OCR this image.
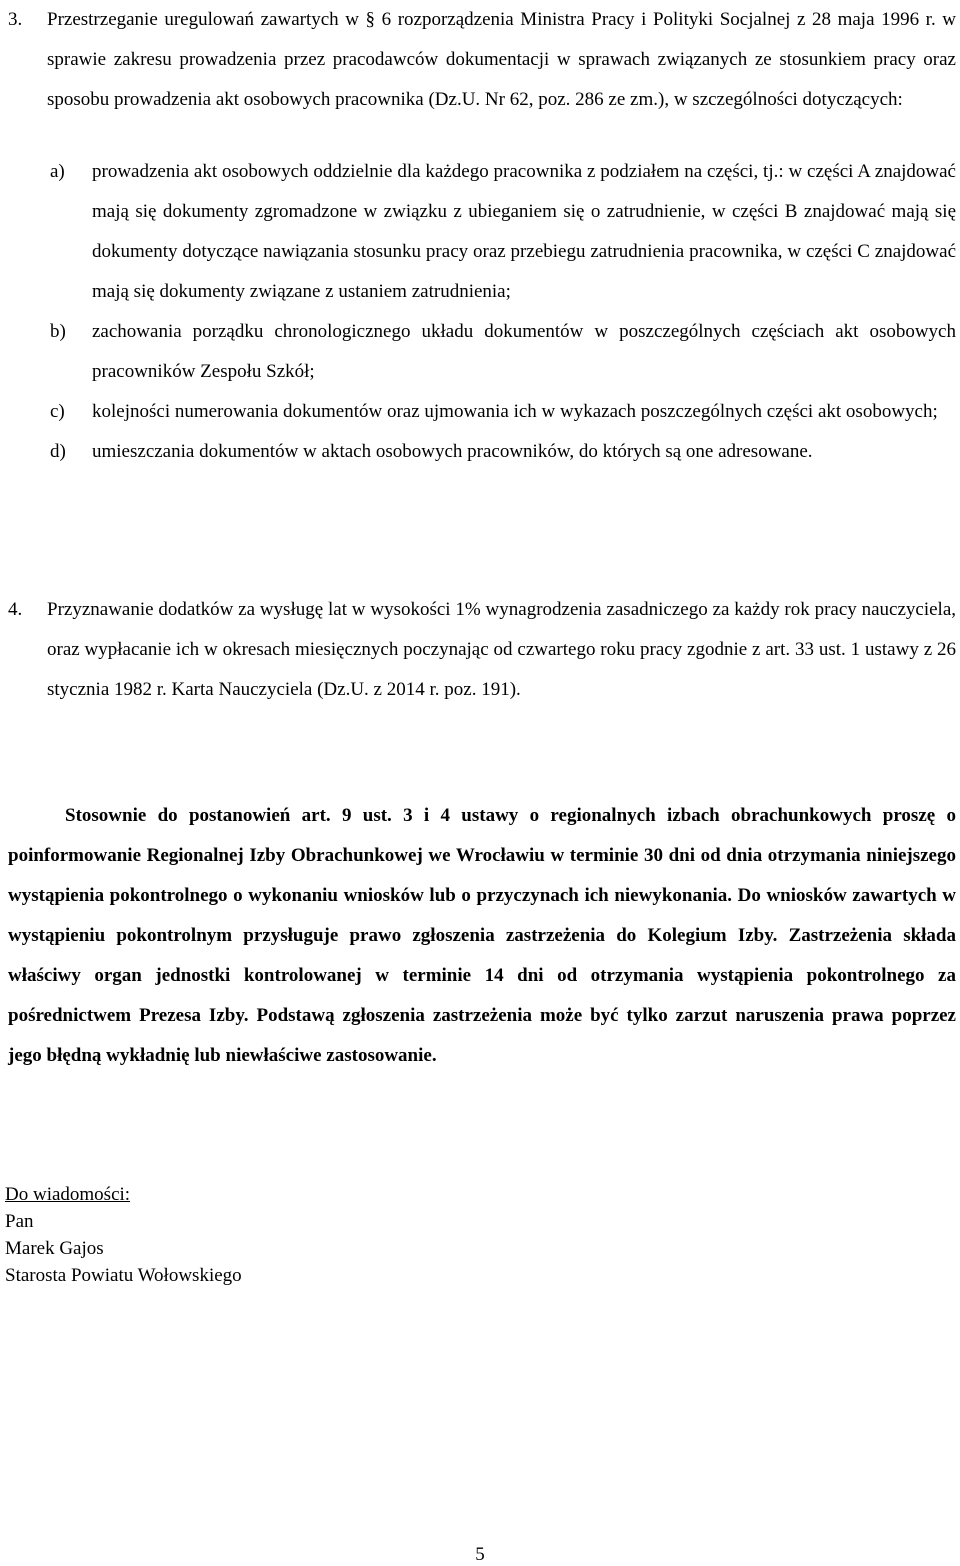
3. Przestrzeganie uregulowań zawartych w § 6 rozporządzenia Ministra Pracy i Polityki Socjalnej z 28 maja 1996 r. w sprawie zakresu prowadzenia przez pracodawców dokumentacji w sprawach związanych ze stosunkiem pracy oraz sposobu prowadzenia akt osobowych pracownika (Dz.U. Nr 62, poz. 286 ze zm.), w szczególności dotyczących:
a) prowadzenia akt osobowych oddzielnie dla każdego pracownika z podziałem na części, tj.: w części A znajdować mają się dokumenty zgromadzone w związku z ubieganiem się o zatrudnienie, w części B znajdować mają się dokumenty dotyczące nawiązania stosunku pracy oraz przebiegu zatrudnienia pracownika, w części C znajdować mają się dokumenty związane z ustaniem zatrudnienia;
b) zachowania porządku chronologicznego układu dokumentów w poszczególnych częściach akt osobowych pracowników Zespołu Szkół;
c) kolejności numerowania dokumentów oraz ujmowania ich w wykazach poszczególnych części akt osobowych;
d) umieszczania dokumentów w aktach osobowych pracowników, do których są one adresowane.
4. Przyznawanie dodatków za wysługę lat w wysokości 1% wynagrodzenia zasadniczego za każdy rok pracy nauczyciela, oraz wypłacanie ich w okresach miesięcznych poczynając od czwartego roku pracy zgodnie z art. 33 ust. 1 ustawy z 26 stycznia 1982 r. Karta Nauczyciela (Dz.U. z 2014 r. poz. 191).
Stosownie do postanowień art. 9 ust. 3 i 4 ustawy o regionalnych izbach obrachunkowych proszę o poinformowanie Regionalnej Izby Obrachunkowej we Wrocławiu w terminie 30 dni od dnia otrzymania niniejszego wystąpienia pokontrolnego o wykonaniu wniosków lub o przyczynach ich niewykonania. Do wniosków zawartych w wystąpieniu pokontrolnym przysługuje prawo zgłoszenia zastrzeżenia do Kolegium Izby. Zastrzeżenia składa właściwy organ jednostki kontrolowanej w terminie 14 dni od otrzymania wystąpienia pokontrolnego za pośrednictwem Prezesa Izby. Podstawą zgłoszenia zastrzeżenia może być tylko zarzut naruszenia prawa poprzez jego błędną wykładnię lub niewłaściwe zastosowanie.
Do wiadomości:
Pan
Marek Gajos
Starosta Powiatu Wołowskiego
5
